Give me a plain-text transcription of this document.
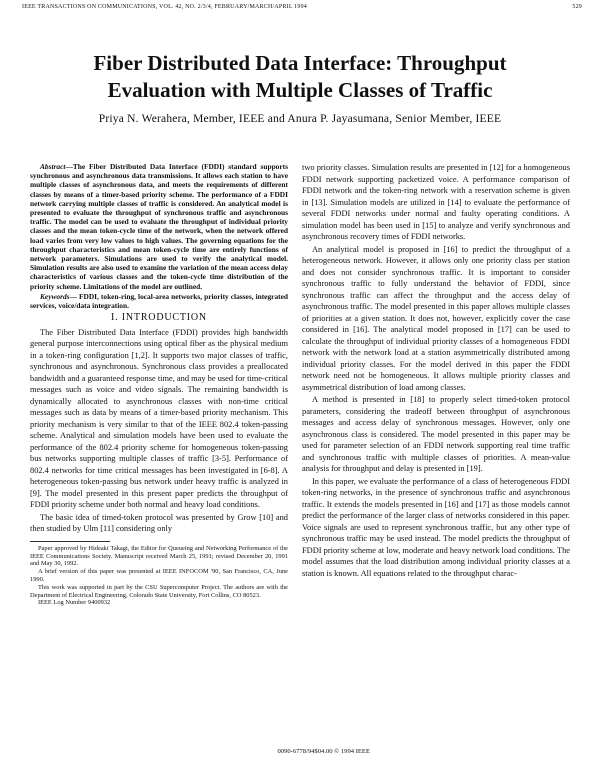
IEEE TRANSACTIONS ON COMMUNICATIONS, VOL. 42, NO. 2/3/4, FEBRUARY/MARCH/APRIL 1994	529
Fiber Distributed Data Interface: Throughput
Evaluation with Multiple Classes of Traffic
Priya N. Werahera, Member, IEEE and Anura P. Jayasumana, Senior Member, IEEE

Abstract—The Fiber Distributed Data Interface (FDDI) standard supports synchronous and asynchronous data transmissions. It allows each station to have multiple classes of asynchronous data, and meets the requirements of different classes by means of a timer-based priority scheme. The performance of a FDDI network carrying multiple classes of traffic is considered. An analytical model is presented to evaluate the throughput of synchronous traffic and asynchronous traffic. The model can be used to evaluate the throughput of individual priority classes and the mean token-cycle time of the network, when the network offered load varies from very low values to high values. The governing equations for the throughput characteristics and mean token-cycle time are entirely functions of network parameters. Simulations are used to verify the analytical model. Simulation results are also used to examine the variation of the mean access delay characteristics of various classes and the token-cycle time distribution of the priority scheme. Limitations of the model are outlined.

Keywords— FDDI, token-ring, local-area networks, priority classes, integrated services, voice/data integration.

I. INTRODUCTION

The Fiber Distributed Data Interface (FDDI) provides high bandwidth general purpose interconnections using optical fiber as the physical medium in a token-ring configuration [1,2]. It supports two major classes of traffic, synchronous and asynchronous. Synchronous class provides a preallocated bandwidth and a guaranteed response time, and may be used for time-critical messages such as voice and video signals. The remaining bandwidth is dynamically allocated to asynchronous classes with non-time critical messages such as data by means of a timer-based priority mechanism. This priority mechanism is very similar to that of the IEEE 802.4 token-passing scheme. Analytical and simulation models have been used to evaluate the performance of the 802.4 priority scheme for homogeneous token-passing bus networks supporting multiple classes of traffic [3-5]. Performance of 802.4 networks for time critical messages has been investigated in [6-8]. A heterogeneous token-passing bus network under heavy traffic is analyzed in [9]. The model presented in this present paper predicts the throughput of FDDI priority scheme under both normal and heavy load conditions.

The basic idea of timed-token protocol was presented by Grow [10] and then studied by Ulm [11] considering only

Paper approved by Hideaki Takagi, the Editor for Queueing and Networking Performance of the IEEE Communications Society. Manuscript received March 25, 1991; revised December 20, 1991 and May 30, 1992.

A brief version of this paper was presented at IEEE INFOCOM '90, San Francisco, CA, June 1990.

This work was supported in part by the CSU Supercomputer Project. The authors are with the Department of Electrical Engineering, Colorado State University, Fort Collins, CO 80523.

IEEE Log Number 9400932

two priority classes. Simulation results are presented in [12] for a homogeneous FDDI network supporting packetized voice. A performance comparison of FDDI network and the token-ring network with a reservation scheme is given in [13]. Simulation models are utilized in [14] to evaluate the performance of several FDDI networks under normal and faulty operating conditions. A simulation model has been used in [15] to analyze and verify synchronous and asynchronous recovery times of FDDI networks.

An analytical model is proposed in [16] to predict the throughput of a heterogeneous network. However, it allows only one priority class per station and does not consider synchronous traffic. It is important to consider synchronous traffic to fully understand the behavior of FDDI, since synchronous traffic can affect the throughput and the access delay of asynchronous traffic. The model presented in this paper allows multiple classes of priorities at a given station. It does not, however, explicitly cover the case considered in [16]. The analytical model proposed in [17] can be used to calculate the throughput of individual priority classes of a homogeneous FDDI network with the network load at a station asymmetrically distributed among individual priority classes. For the model derived in this paper the FDDI network need not be homogeneous. It allows multiple priority classes and asymmetrical distribution of load among classes.

A method is presented in [18] to properly select timed-token protocol parameters, considering the tradeoff between throughput of asynchronous messages and access delay of synchronous messages. However, only one asynchronous class is considered. The model presented in this paper may be used for parameter selection of an FDDI network supporting real time traffic and synchronous traffic with multiple classes of priorities. A mean-value analysis for throughput and delay is presented in [19].

In this paper, we evaluate the performance of a class of heterogeneous FDDI token-ring networks, in the presence of synchronous traffic and asynchronous traffic. It extends the models presented in [16] and [17] as those models cannot predict the performance of the larger class of networks considered in this paper. Voice signals are used to represent synchronous traffic, but any other type of synchronous traffic may be used instead. The model predicts the throughput of FDDI priority scheme at low, moderate and heavy network load conditions. The model assumes that the load distribution among individual priority classes at a station is known. All equations related to the throughput charac-

0090-6778/94$04.00 © 1994 IEEE
